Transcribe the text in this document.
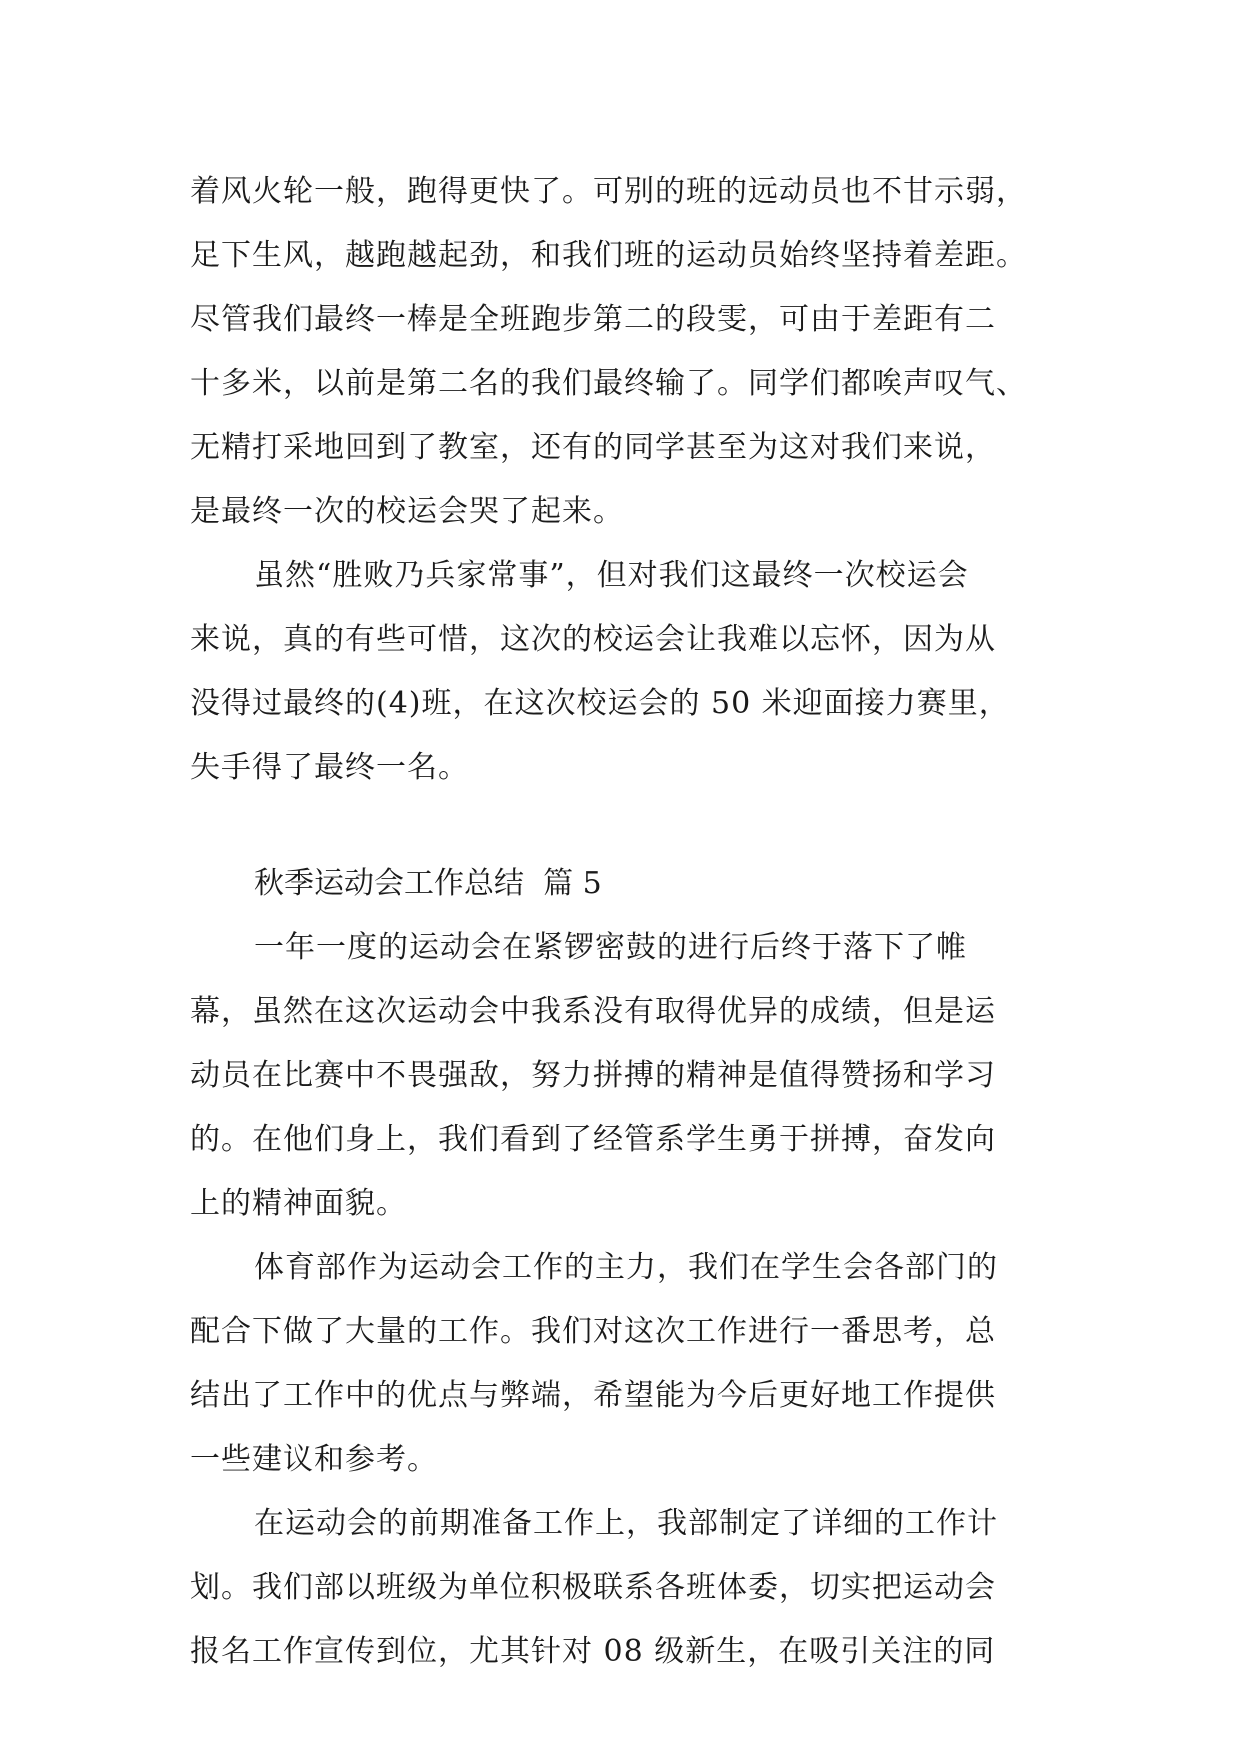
着风火轮一般，跑得更快了。可别的班的远动员也不甘示弱，
足下生风，越跑越起劲，和我们班的运动员始终坚持着差距。
尽管我们最终一棒是全班跑步第二的段雯，可由于差距有二
十多米，以前是第二名的我们最终输了。同学们都唉声叹气、
无精打采地回到了教室，还有的同学甚至为这对我们来说，
是最终一次的校运会哭了起来。
虽然“胜败乃兵家常事”，但对我们这最终一次校运会
来说，真的有些可惜，这次的校运会让我难以忘怀，因为从
没得过最终的(4)班，在这次校运会的 50 米迎面接力赛里，
失手得了最终一名。
秋季运动会工作总结  篇 5
一年一度的运动会在紧锣密鼓的进行后终于落下了帷
幕，虽然在这次运动会中我系没有取得优异的成绩，但是运
动员在比赛中不畏强敌，努力拼搏的精神是值得赞扬和学习
的。在他们身上，我们看到了经管系学生勇于拼搏，奋发向
上的精神面貌。
体育部作为运动会工作的主力，我们在学生会各部门的
配合下做了大量的工作。我们对这次工作进行一番思考，总
结出了工作中的优点与弊端，希望能为今后更好地工作提供
一些建议和参考。
在运动会的前期准备工作上，我部制定了详细的工作计
划。我们部以班级为单位积极联系各班体委，切实把运动会
报名工作宣传到位，尤其针对 08 级新生，在吸引关注的同
